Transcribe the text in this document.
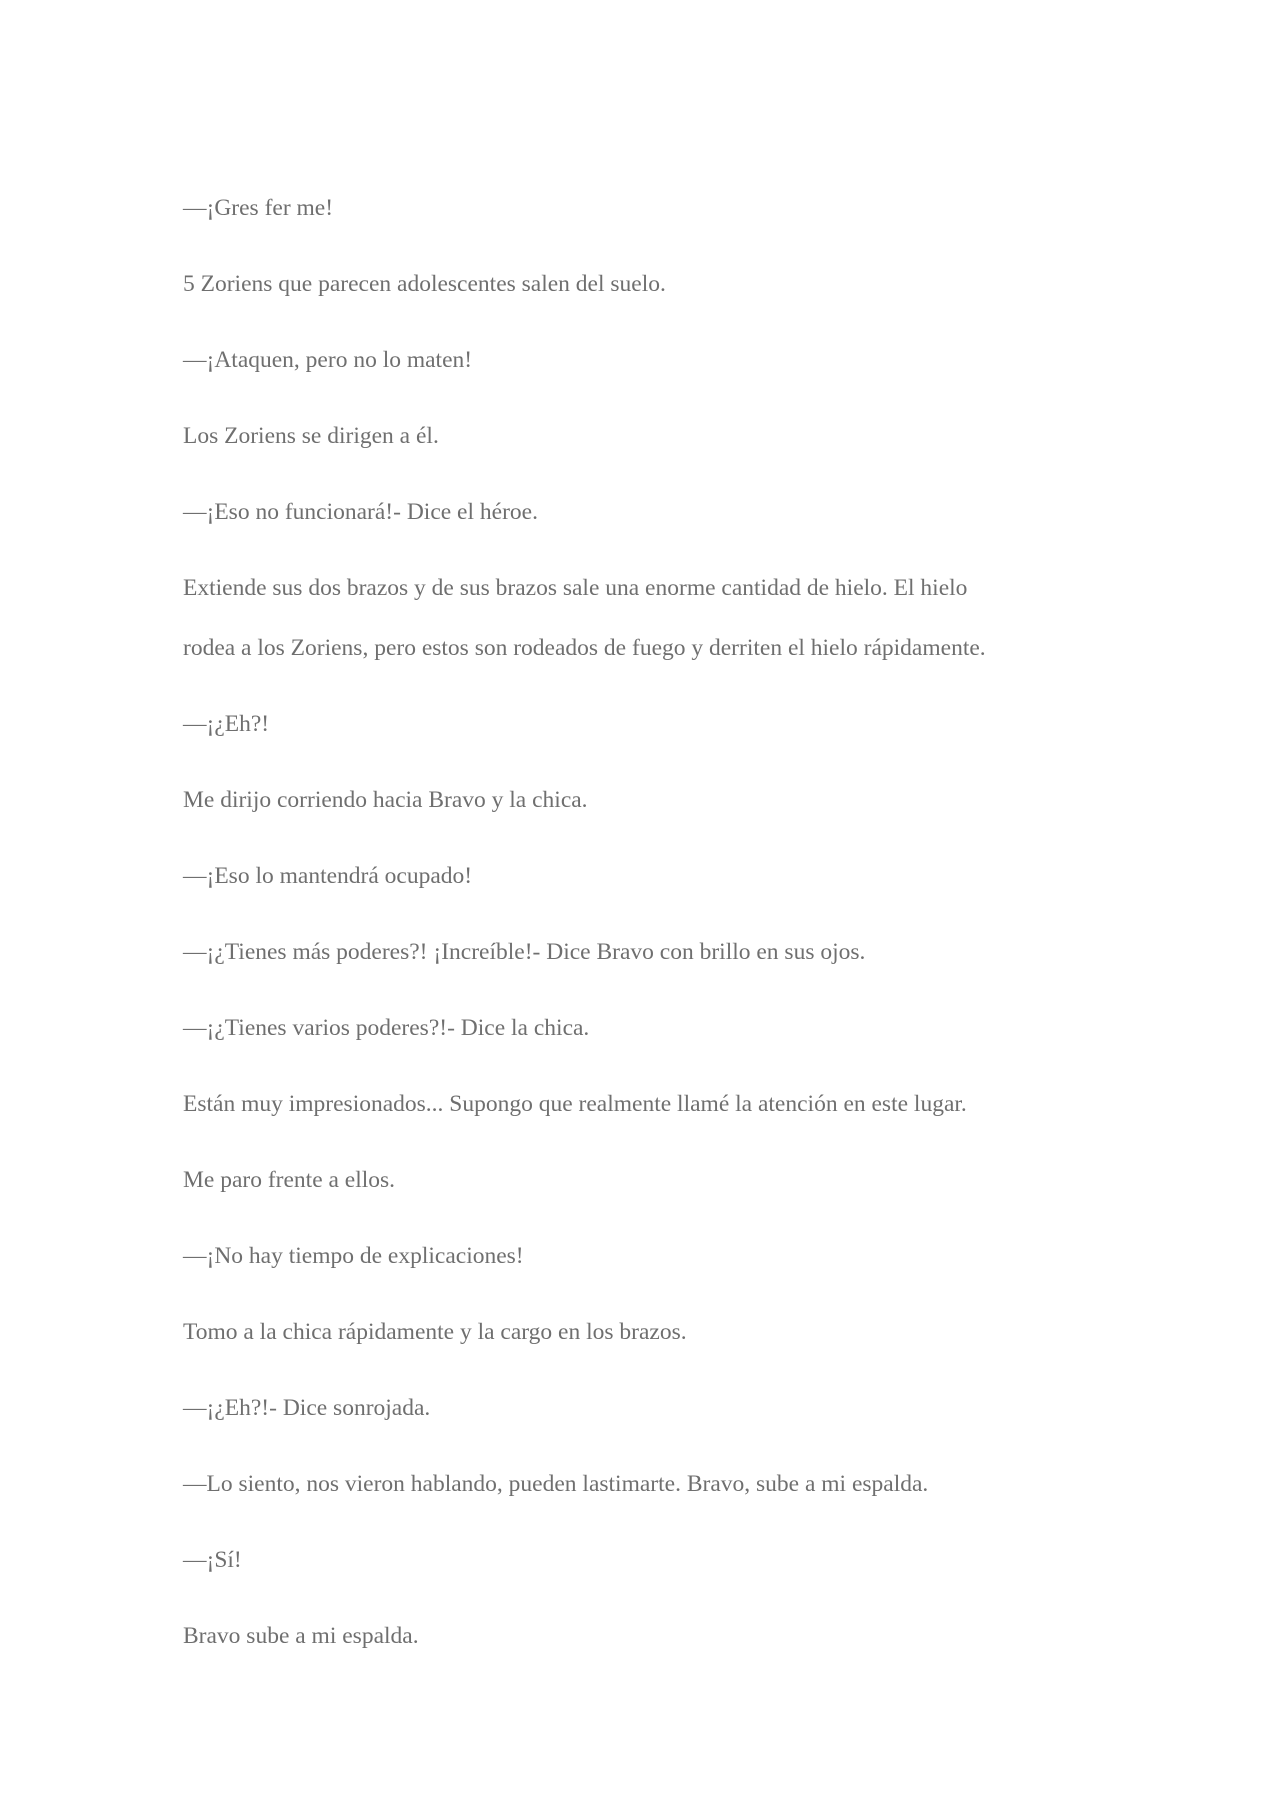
—¡Gres fer me!

5 Zoriens que parecen adolescentes salen del suelo.

—¡Ataquen, pero no lo maten!

Los Zoriens se dirigen a él.

—¡Eso no funcionará!- Dice el héroe.

Extiende sus dos brazos y de sus brazos sale una enorme cantidad de hielo. El hielo
rodea a los Zoriens, pero estos son rodeados de fuego y derriten el hielo rápidamente.

—¡¿Eh?!

Me dirijo corriendo hacia Bravo y la chica.

—¡Eso lo mantendrá ocupado!

—¡¿Tienes más poderes?! ¡Increíble!- Dice Bravo con brillo en sus ojos.

—¡¿Tienes varios poderes?!- Dice la chica.

Están muy impresionados... Supongo que realmente llamé la atención en este lugar.

Me paro frente a ellos.

—¡No hay tiempo de explicaciones!

Tomo a la chica rápidamente y la cargo en los brazos.

—¡¿Eh?!- Dice sonrojada.

—Lo siento, nos vieron hablando, pueden lastimarte. Bravo, sube a mi espalda.

—¡Sí!

Bravo sube a mi espalda.
